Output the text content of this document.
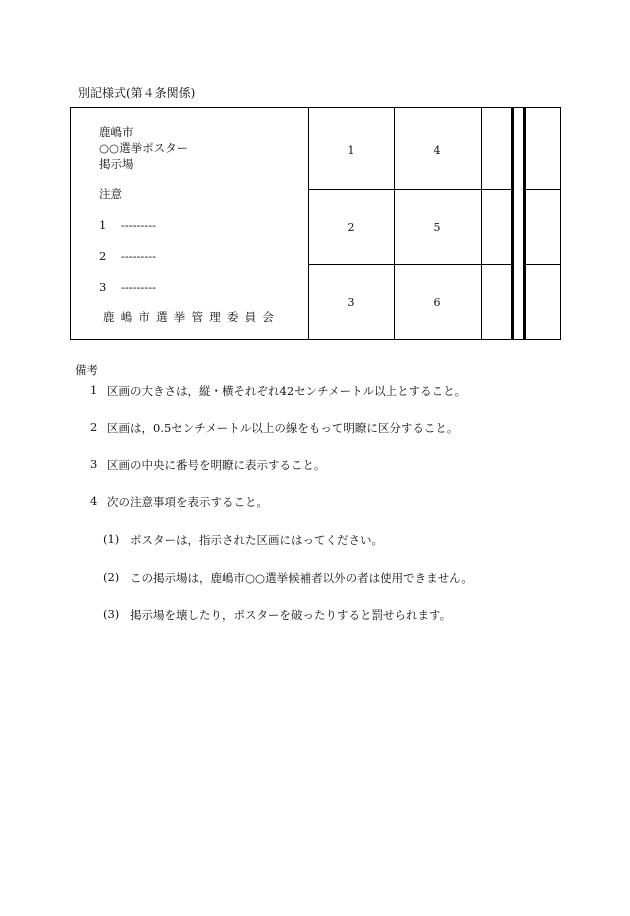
別記様式(第４条関係)
鹿嶋市
○○選挙ポスター
掲示場
注意
1 ---------
2 ---------
3 ---------
鹿嶋市選挙管理委員会
1
2
3
4
5
6
備考
1 区画の大きさは，縦・横それぞれ42センチメートル以上とすること。
2 区画は，0.5センチメートル以上の線をもって明瞭に区分すること。
3 区画の中央に番号を明瞭に表示すること。
4 次の注意事項を表示すること。
(1) ポスターは，指示された区画にはってください。
(2) この掲示場は，鹿嶋市○○選挙候補者以外の者は使用できません。
(3) 掲示場を壊したり，ポスターを破ったりすると罰せられます。
